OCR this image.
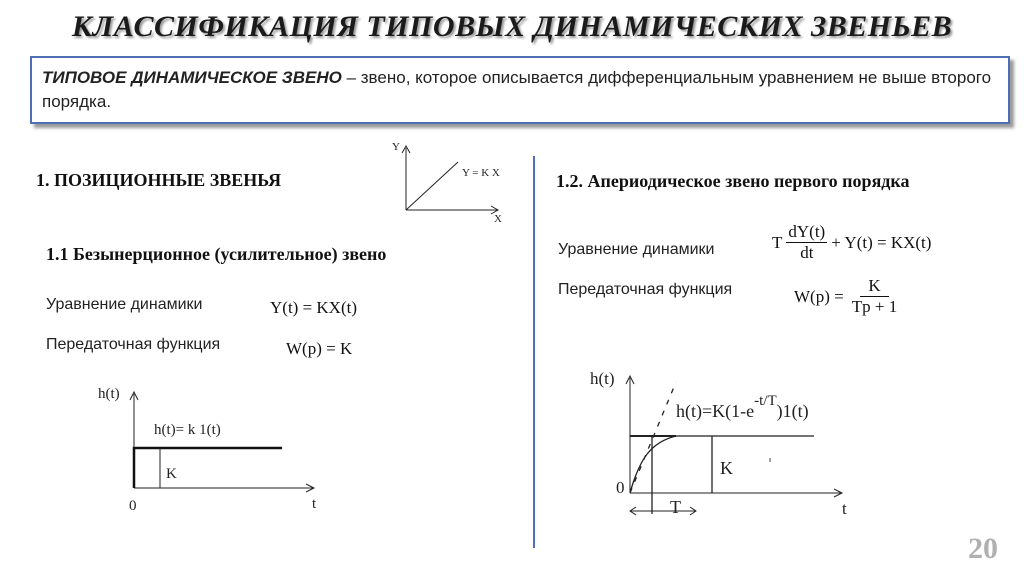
КЛАССИФИКАЦИЯ ТИПОВЫХ ДИНАМИЧЕСКИХ ЗВЕНЬЕВ
ТИПОВОЕ ДИНАМИЧЕСКОЕ ЗВЕНО – звено, которое описывается дифференциальным уравнением не выше второго порядка.
1. ПОЗИЦИОННЫЕ ЗВЕНЬЯ
Y
X
Y = K X
1.1 Безынерционное (усилительное) звено
Уравнение динамики	Y(t) = KX(t)
Передаточная функция	W(p) = K
h(t)
t
0
h(t)= k 1(t)
K
1.2. Апериодическое звено первого порядка
Уравнение динамики	T $\frac{dY(t)}{dt} + Y(t) = KX(t)$
Передаточная функция	$W(p) = \frac{K}{Tp + 1}$
h(t)
t
0
$h(t)=K(1-e^{-t/T})1(t)$
K
T
20
